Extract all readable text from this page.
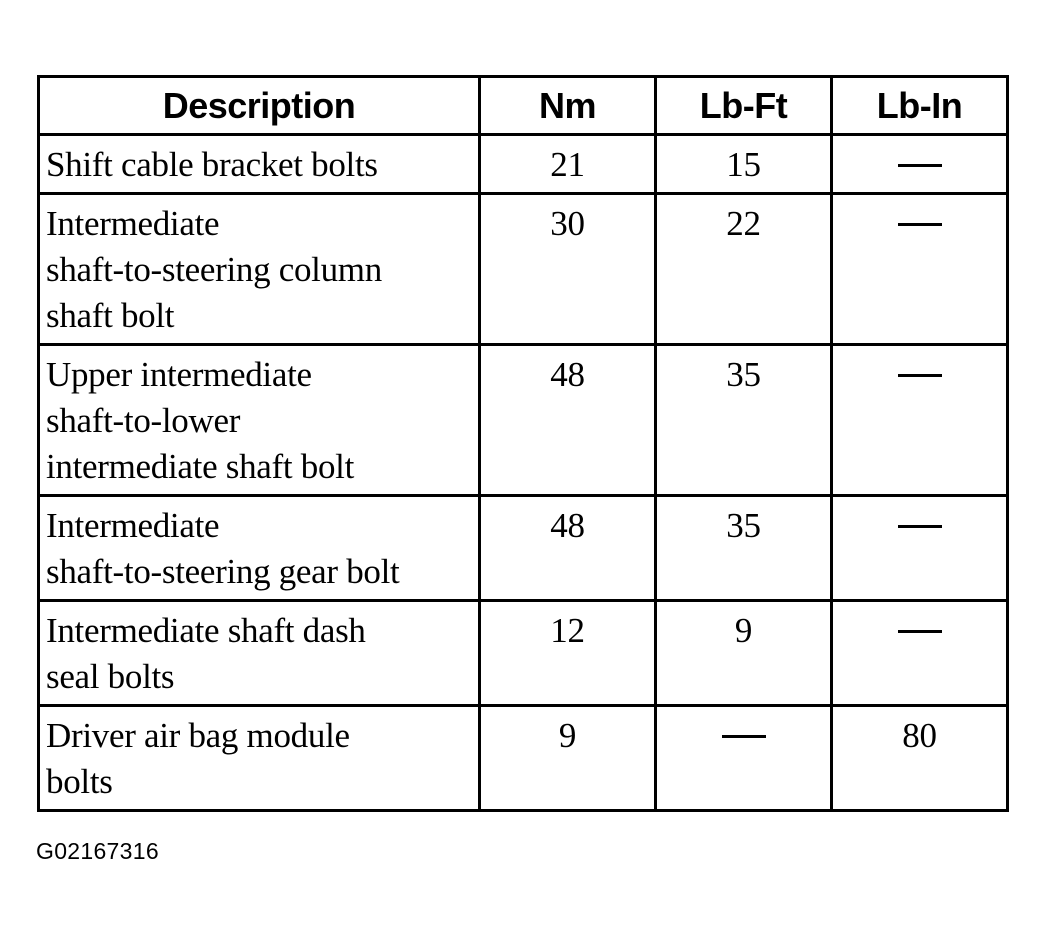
Description	Nm	Lb-Ft	Lb-In

Shift cable bracket bolts	21	15	

Intermediate
shaft-to-steering column
shaft bolt	30	22	

Upper intermediate
shaft-to-lower
intermediate shaft bolt	48	35	

Intermediate
shaft-to-steering gear bolt	48	35	

Intermediate shaft dash
seal bolts	12	9	

Driver air bag module
bolts	9		80
G02167316
